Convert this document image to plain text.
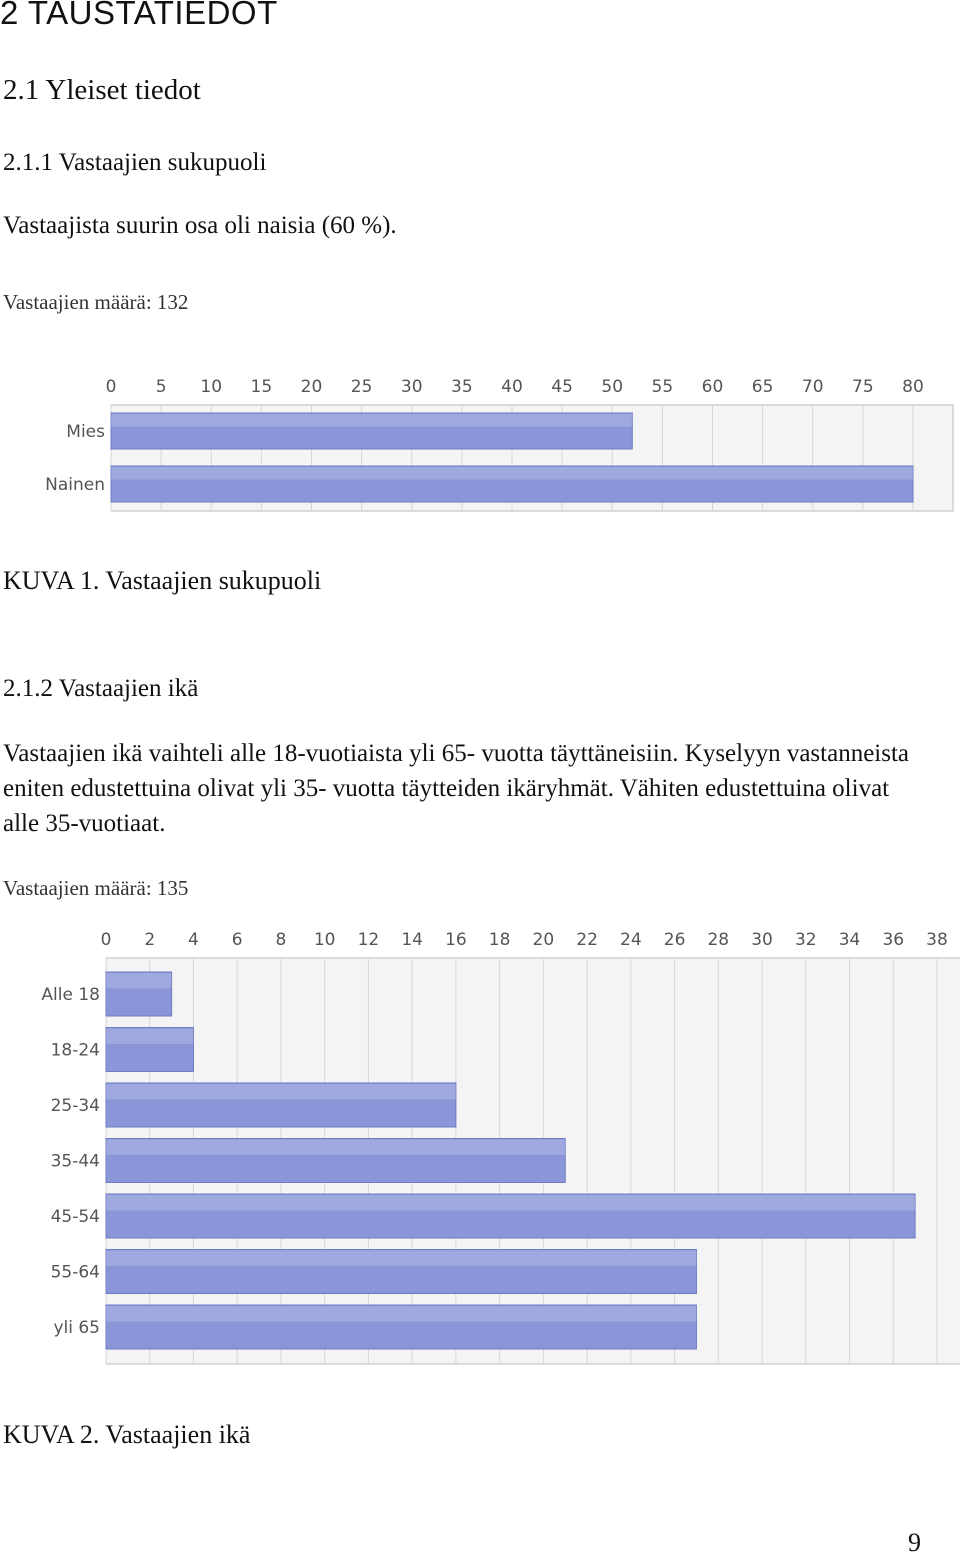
2 TAUSTATIEDOT
2.1 Yleiset tiedot
2.1.1 Vastaajien sukupuoli
Vastaajista suurin osa oli naisia (60 %).
Vastaajien määrä: 132
0 5 10 15 20 25 30 35 40 45 50 55 60 65 70 75 80
Mies
Nainen
KUVA 1. Vastaajien sukupuoli
2.1.2 Vastaajien ikä
Vastaajien ikä vaihteli alle 18-vuotiaista yli 65- vuotta täyttäneisiin. Kyselyyn vastanneista eniten edustettuina olivat yli 35- vuotta täytteiden ikäryhmät. Vähiten edustettuina olivat alle 35-vuotiaat.
Vastaajien määrä: 135
0 2 4 6 8 10 12 14 16 18 20 22 24 26 28 30 32 34 36 38
Alle 18
18-24
25-34
35-44
45-54
55-64
yli 65
KUVA 2. Vastaajien ikä
9
